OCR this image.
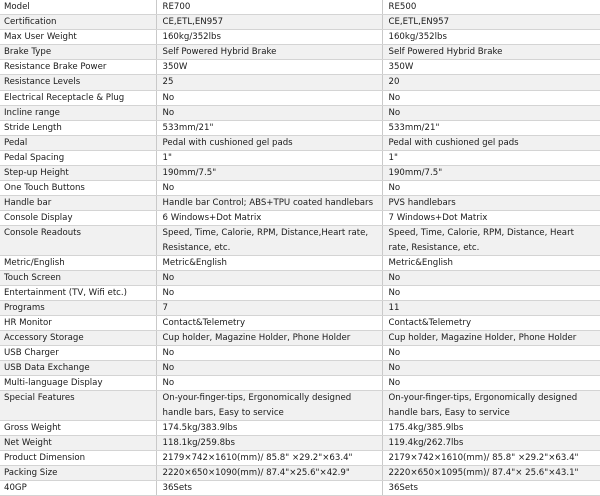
Model	RE700	RE500
Certification	CE,ETL,EN957	CE,ETL,EN957
Max User Weight	160kg/352lbs	160kg/352lbs
Brake Type	Self Powered Hybrid Brake	Self Powered Hybrid Brake
Resistance Brake Power	350W	350W
Resistance Levels	25	20
Electrical Receptacle & Plug	No	No
Incline range	No	No
Stride Length	533mm/21"	533mm/21"
Pedal	Pedal with cushioned gel pads	Pedal with cushioned gel pads
Pedal Spacing	1"	1"
Step-up Height	190mm/7.5"	190mm/7.5"
One Touch Buttons	No	No
Handle bar	Handle bar Control; ABS+TPU coated handlebars	PVS handlebars
Console Display	6 Windows+Dot Matrix	7 Windows+Dot Matrix
Console Readouts	Speed, Time, Calorie, RPM, Distance,Heart rate, Resistance, etc.	Speed, Time, Calorie, RPM, Distance, Heart rate, Resistance, etc.
Metric/English	Metric&English	Metric&English
Touch Screen	No	No
Entertainment (TV, Wifi etc.)	No	No
Programs	7	11
HR Monitor	Contact&Telemetry	Contact&Telemetry
Accessory Storage	Cup holder, Magazine Holder, Phone Holder	Cup holder, Magazine Holder, Phone Holder
USB Charger	No	No
USB Data Exchange	No	No
Multi-language Display	No	No
Special Features	On-your-finger-tips, Ergonomically designed handle bars, Easy to service	On-your-finger-tips, Ergonomically designed handle bars, Easy to service
Gross Weight	174.5kg/383.9lbs	175.4kg/385.9lbs
Net Weight	118.1kg/259.8bs	119.4kg/262.7lbs
Product Dimension	2179×742×1610(mm)/ 85.8" ×29.2"×63.4"	2179×742×1610(mm)/ 85.8" ×29.2"×63.4"
Packing Size	2220×650×1090(mm)/ 87.4"×25.6"×42.9"	2220×650×1095(mm)/ 87.4"× 25.6"×43.1"
40GP	36Sets	36Sets
